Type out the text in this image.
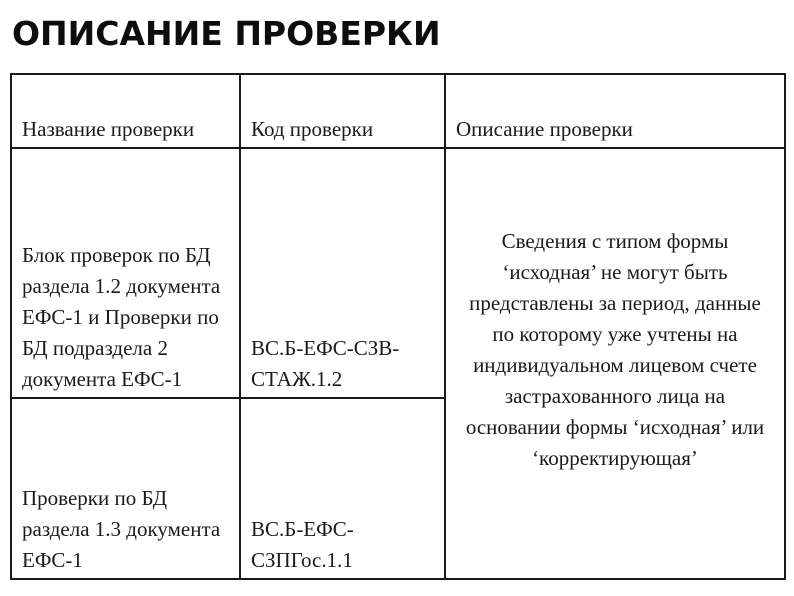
ОПИСАНИЕ ПРОВЕРКИ
Название проверки	Код проверки	Описание проверки
Блок проверок по БД раздела 1.2 документа ЕФС-1 и Проверки по БД подраздела 2 документа ЕФС-1	ВС.Б-ЕФС-СЗВ-СТАЖ.1.2	Сведения с типом формы ‘исходная’ не могут быть представлены за период, данные по которому уже учтены на индивидуальном лицевом счете застрахованного лица на основании формы ‘исходная’ или ‘корректирующая’
Проверки по БД раздела 1.3 документа ЕФС-1	ВС.Б-ЕФС-СЗПГос.1.1	
